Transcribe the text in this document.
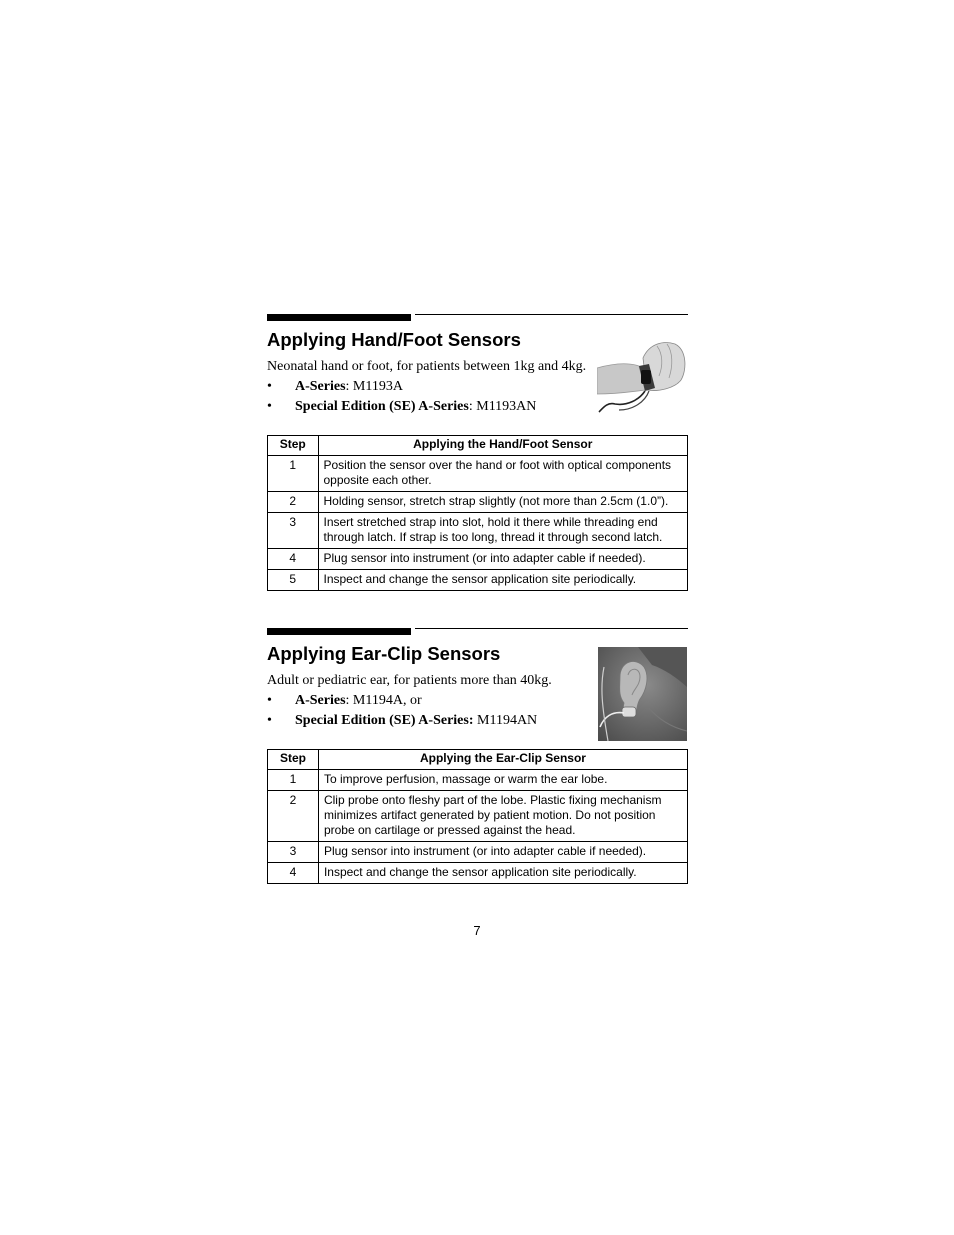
Applying Hand/Foot Sensors

Neonatal hand or foot, for patients between 1kg and 4kg.

• A-Series: M1193A
• Special Edition (SE) A-Series: M1193AN
Step	Applying the Hand/Foot Sensor
1	Position the sensor over the hand or foot with optical components opposite each other.
2	Holding sensor, stretch strap slightly (not more than 2.5cm (1.0”).
3	Insert stretched strap into slot, hold it there while threading end through latch. If strap is too long, thread it through second latch.
4	Plug sensor into instrument (or into adapter cable if needed).
5	Inspect and change the sensor application site periodically.
Applying Ear-Clip Sensors

Adult or pediatric ear, for patients more than 40kg.

• A-Series: M1194A, or
• Special Edition (SE) A-Series: M1194AN
Step	Applying the Ear-Clip Sensor
1	To improve perfusion, massage or warm the ear lobe.
2	Clip probe onto fleshy part of the lobe. Plastic fixing mechanism minimizes artifact generated by patient motion. Do not position probe on cartilage or pressed against the head.
3	Plug sensor into instrument (or into adapter cable if needed).
4	Inspect and change the sensor application site periodically.
7
